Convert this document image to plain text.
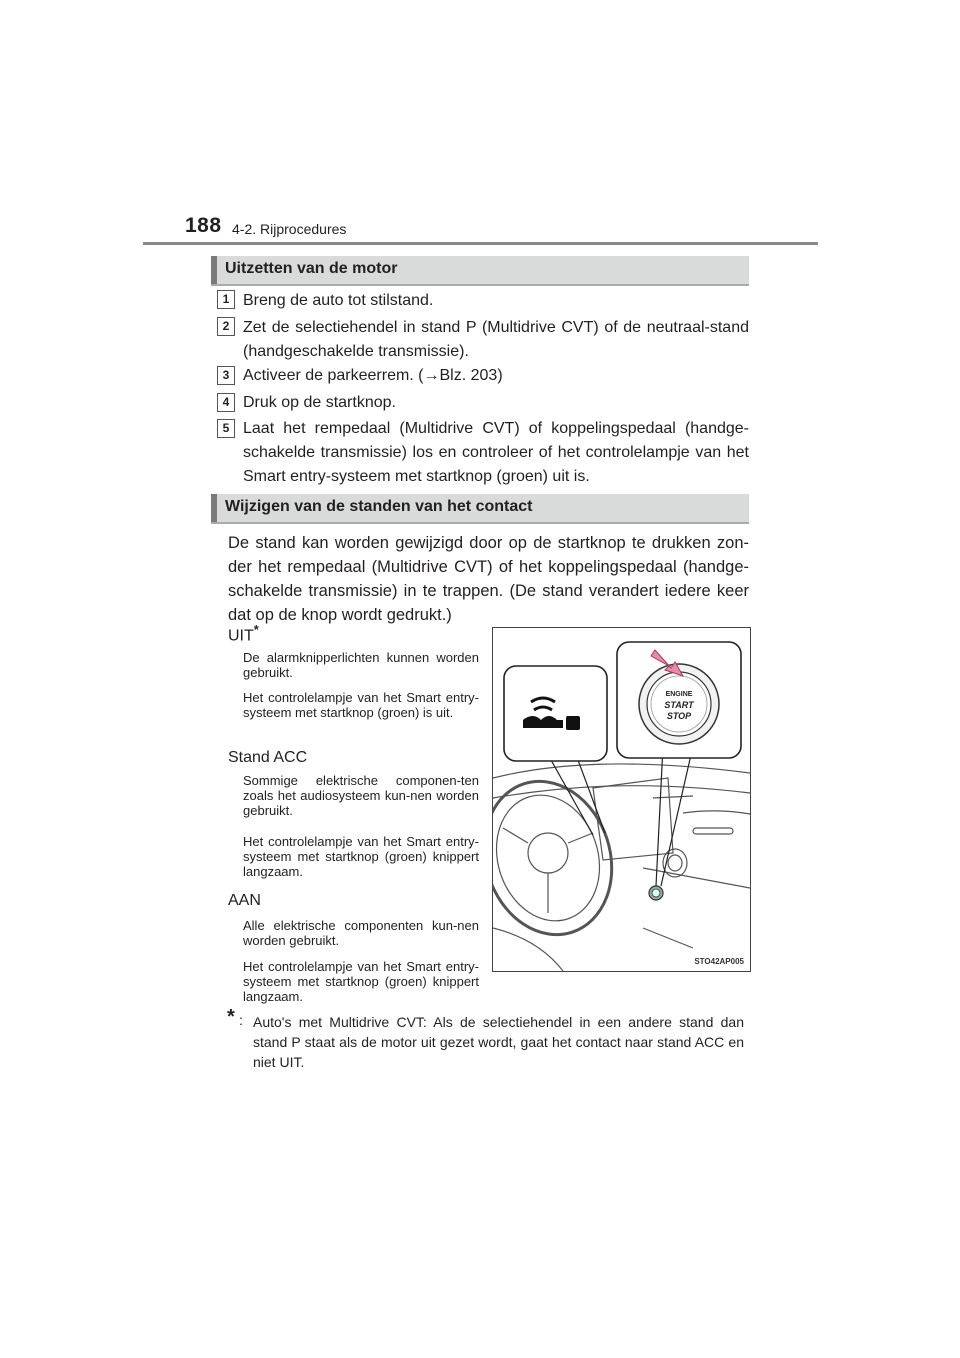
188 4-2. Rijprocedures
Uitzetten van de motor
1 Breng de auto tot stilstand.
2 Zet de selectiehendel in stand P (Multidrive CVT) of de neutraal-stand (handgeschakelde transmissie).
3 Activeer de parkeerrem. (→Blz. 203)
4 Druk op de startknop.
5 Laat het rempedaal (Multidrive CVT) of koppelingspedaal (handge-schakelde transmissie) los en controleer of het controlelampje van het Smart entry-systeem met startknop (groen) uit is.
Wijzigen van de standen van het contact
De stand kan worden gewijzigd door op de startknop te drukken zon-der het rempedaal (Multidrive CVT) of het koppelingspedaal (handge-schakelde transmissie) in te trappen. (De stand verandert iedere keer dat op de knop wordt gedrukt.)
UIT*
De alarmknipperlichten kunnen worden gebruikt.
Het controlelampje van het Smart entry-systeem met startknop (groen) is uit.
Stand ACC
Sommige elektrische componen-ten zoals het audiosysteem kun-nen worden gebruikt.
Het controlelampje van het Smart entry-systeem met startknop (groen) knippert langzaam.
AAN
Alle elektrische componenten kun-nen worden gebruikt.
Het controlelampje van het Smart entry-systeem met startknop (groen) knippert langzaam.
* : Auto's met Multidrive CVT: Als de selectiehendel in een andere stand dan stand P staat als de motor uit gezet wordt, gaat het contact naar stand ACC en niet UIT.
ENGINE
START
STOP
STO42AP005
